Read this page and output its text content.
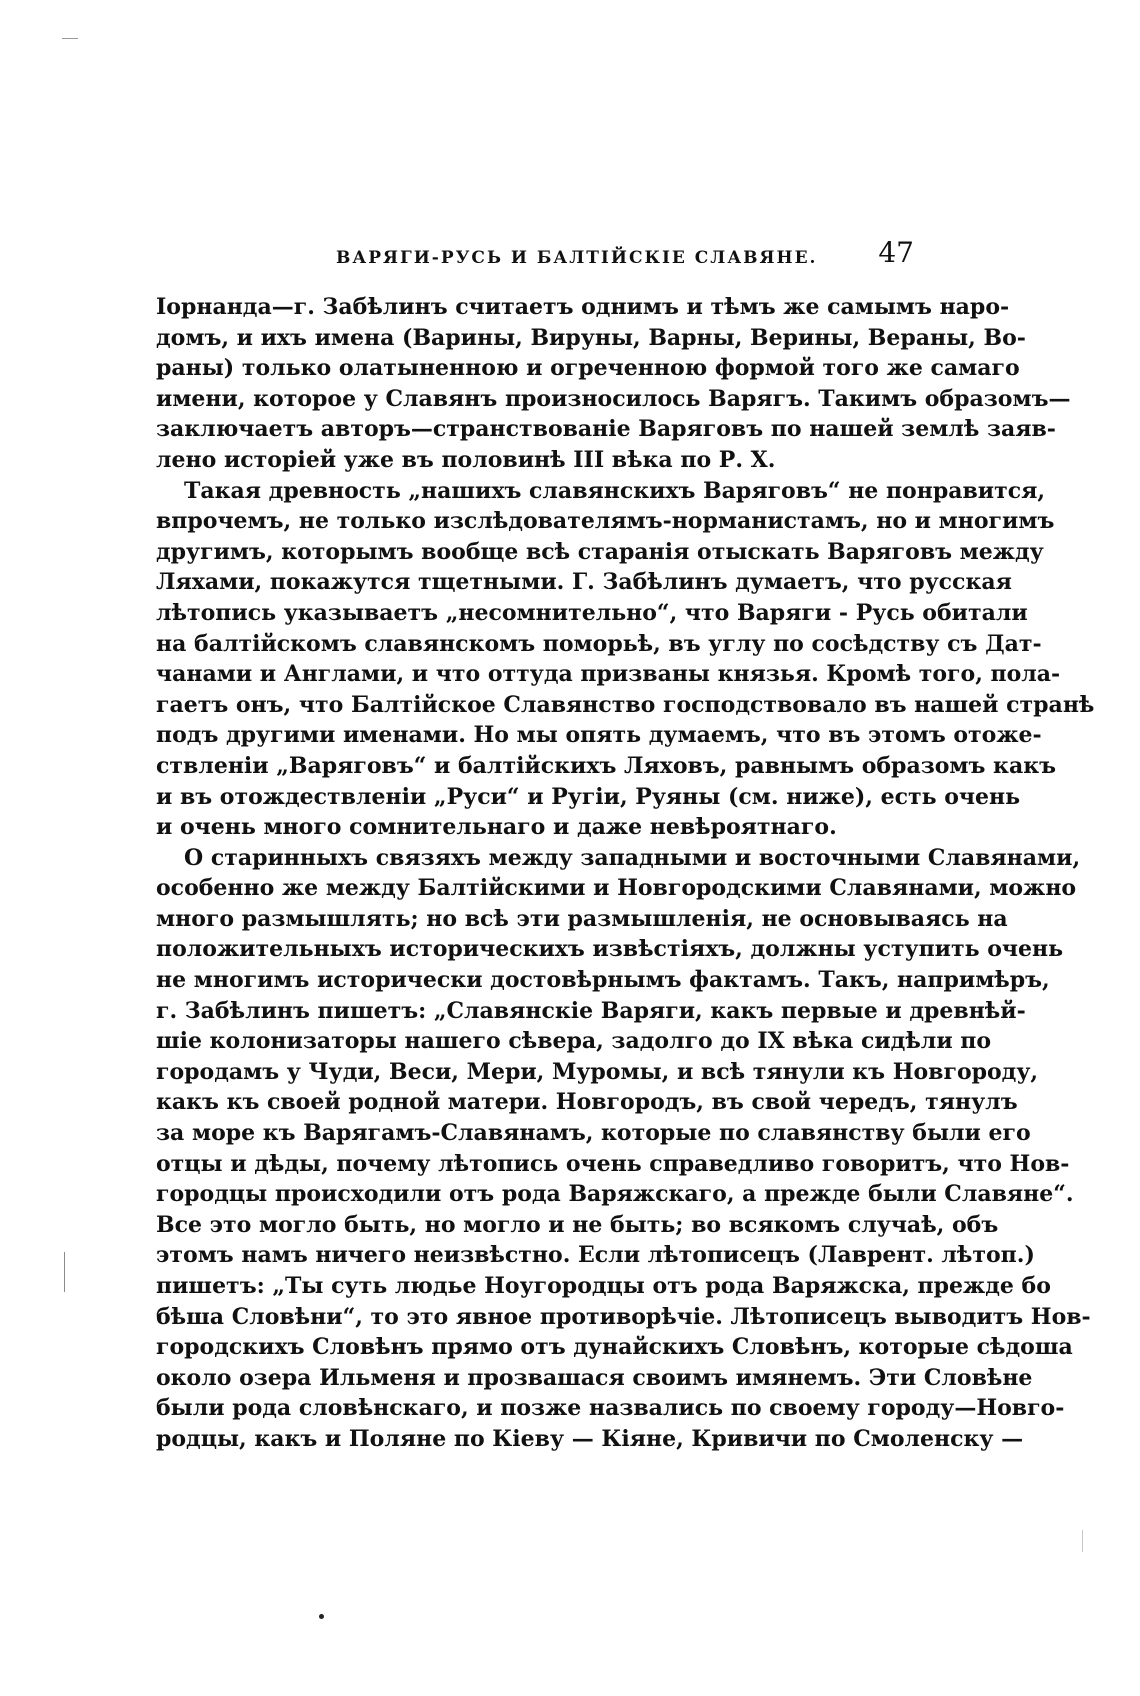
ВАРЯГИ-РУСЬ И БАЛТІЙСКІЕ СЛАВЯНЕ. 47
Іорнанда—г. Забѣлинъ считаетъ однимъ и тѣмъ же самымъ наро-
домъ, и ихъ имена (Варины, Вируны, Варны, Верины, Вераны, Во-
раны) только олатыненною и огреченною формой того же самаго
имени, которое у Славянъ произносилось Варягъ. Такимъ образомъ—
заключаетъ авторъ—странствованіе Варяговъ по нашей землѣ заяв-
лено исторіей уже въ половинѣ III вѣка по Р. Х.
Такая древность „нашихъ славянскихъ Варяговъ“ не понравится,
впрочемъ, не только изслѣдователямъ-норманистамъ, но и многимъ
другимъ, которымъ вообще всѣ старанія отыскать Варяговъ между
Ляхами, покажутся тщетными. Г. Забѣлинъ думаетъ, что русская
лѣтопись указываетъ „несомнительно“, что Варяги - Русь обитали
на балтійскомъ славянскомъ поморьѣ, въ углу по сосѣдству съ Дат-
чанами и Англами, и что оттуда призваны князья. Кромѣ того, пола-
гаетъ онъ, что Балтійское Славянство господствовало въ нашей странѣ
подъ другими именами. Но мы опять думаемъ, что въ этомъ отоже-
ствленіи „Варяговъ“ и балтійскихъ Ляховъ, равнымъ образомъ какъ
и въ отождествленіи „Руси“ и Ругіи, Руяны (см. ниже), есть очень
и очень много сомнительнаго и даже невѣроятнаго.
О старинныхъ связяхъ между западными и восточными Славянами,
особенно же между Балтійскими и Новгородскими Славянами, можно
много размышлять; но всѣ эти размышленія, не основываясь на
положительныхъ историческихъ извѣстіяхъ, должны уступить очень
не многимъ исторически достовѣрнымъ фактамъ. Такъ, напримѣръ,
г. Забѣлинъ пишетъ: „Славянскіе Варяги, какъ первые и древнѣй-
шіе колонизаторы нашего сѣвера, задолго до IX вѣка сидѣли по
городамъ у Чуди, Веси, Мери, Муромы, и всѣ тянули къ Новгороду,
какъ къ своей родной матери. Новгородъ, въ свой чередъ, тянулъ
за море къ Варягамъ-Славянамъ, которые по славянству были его
отцы и дѣды, почему лѣтопись очень справедливо говоритъ, что Нов-
городцы происходили отъ рода Варяжскаго, а прежде были Славяне“.
Все это могло быть, но могло и не быть; во всякомъ случаѣ, объ
этомъ намъ ничего неизвѣстно. Если лѣтописецъ (Лаврент. лѣтоп.)
пишетъ: „Ты суть людье Ноугородцы отъ рода Варяжска, прежде бо
бѣша Словѣни“, то это явное противорѣчіе. Лѣтописецъ выводитъ Нов-
городскихъ Словѣнъ прямо отъ дунайскихъ Словѣнъ, которые сѣдоша
около озера Ильменя и прозвашася своимъ имянемъ. Эти Словѣне
были рода словѣнскаго, и позже назвались по своему городу—Новго-
родцы, какъ и Поляне по Кіеву — Кіяне, Кривичи по Смоленску —
